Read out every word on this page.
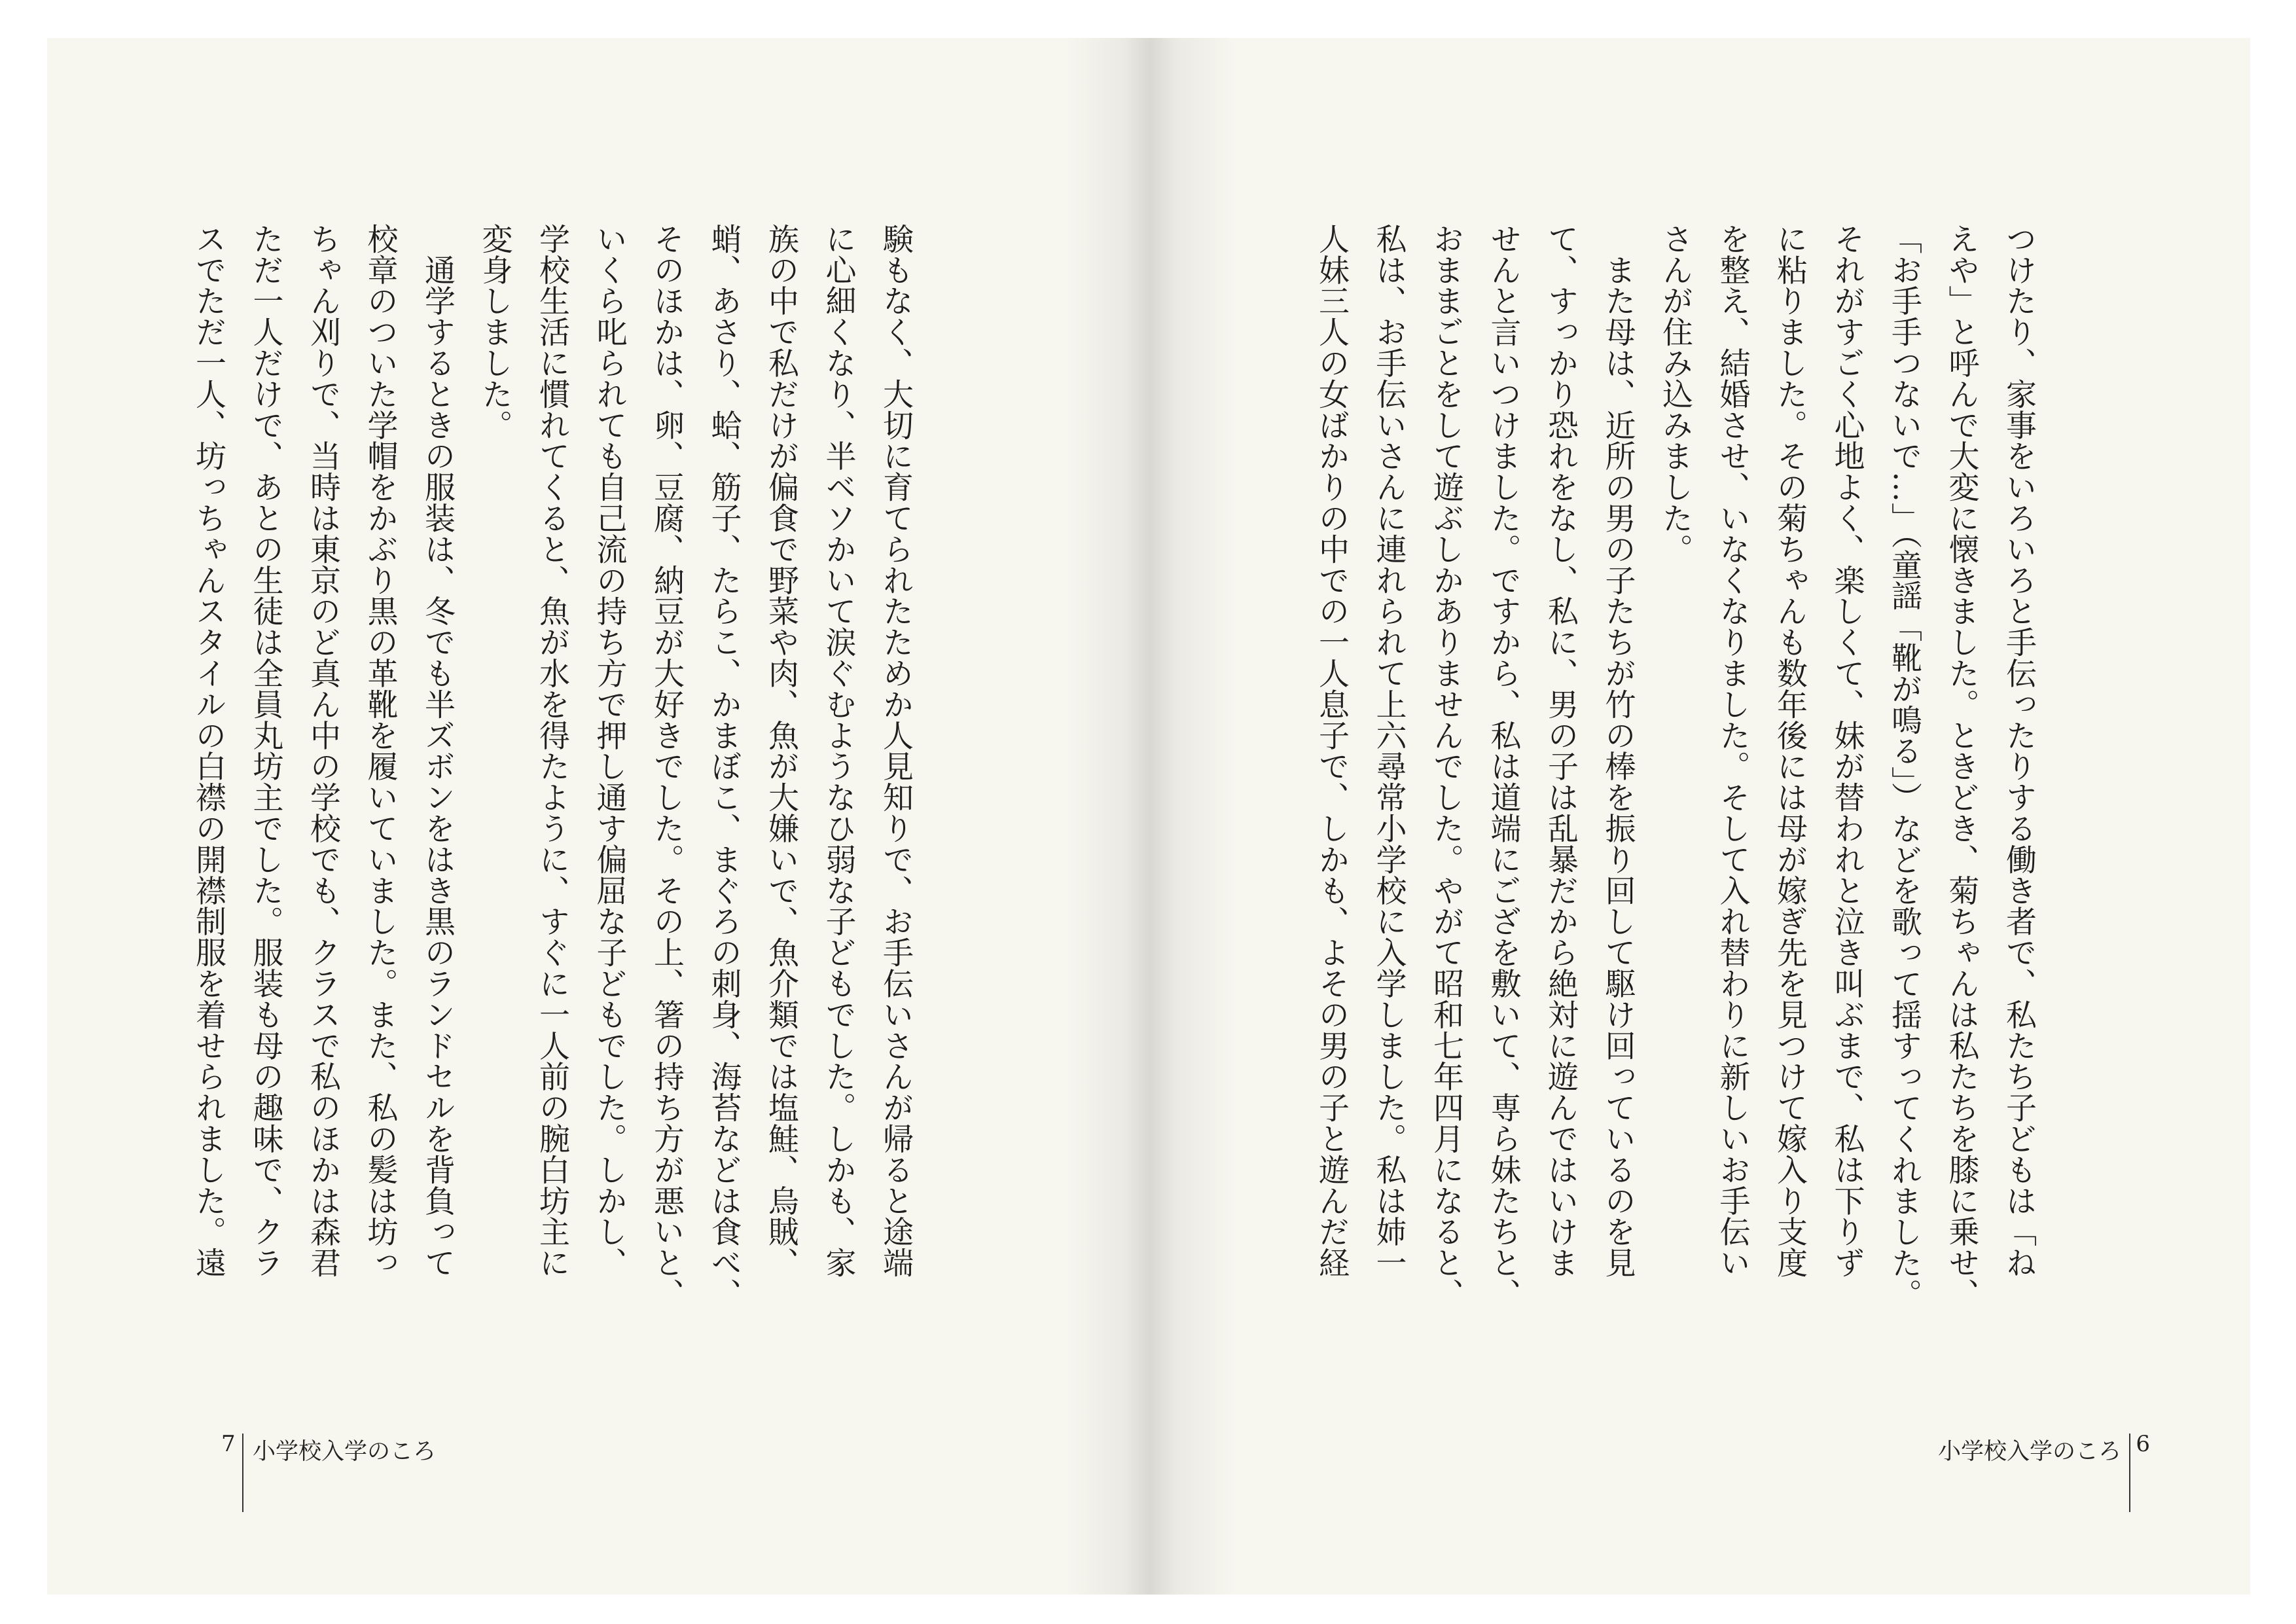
験もなく、大切に育てられたためか人見知りで、お手伝いさんが帰ると途端
に心細くなり、半ベソかいて涙ぐむようなひ弱な子どもでした。しかも、家
族の中で私だけが偏食で野菜や肉、魚が大嫌いで、魚介類では塩鮭、烏賊、
蛸、あさり、蛤、筋子、たらこ、かまぼこ、まぐろの刺身、海苔などは食べ、
そのほかは、卵、豆腐、納豆が大好きでした。その上、箸の持ち方が悪いと、
いくら叱られても自己流の持ち方で押し通す偏屈な子どもでした。しかし、
学校生活に慣れてくると、魚が水を得たように、すぐに一人前の腕白坊主に
変身しました。
　通学するときの服装は、冬でも半ズボンをはき黒のランドセルを背負って
校章のついた学帽をかぶり黒の革靴を履いていました。また、私の髪は坊っ
ちゃん刈りで、当時は東京のど真ん中の学校でも、クラスで私のほかは森君
ただ一人だけで、あとの生徒は全員丸坊主でした。服装も母の趣味で、クラ
スでただ一人、坊っちゃんスタイルの白襟の開襟制服を着せられました。遠
7 小学校入学のころ
つけたり、家事をいろいろと手伝ったりする働き者で、私たち子どもは「ね
えや」と呼んで大変に懐きました。ときどき、菊ちゃんは私たちを膝に乗せ、
「お手手つないで…」（童謡「靴が鳴る」）などを歌って揺すってくれました。
それがすごく心地よく、楽しくて、妹が替われと泣き叫ぶまで、私は下りず
に粘りました。その菊ちゃんも数年後には母が嫁ぎ先を見つけて嫁入り支度
を整え、結婚させ、いなくなりました。そして入れ替わりに新しいお手伝い
さんが住み込みました。
　また母は、近所の男の子たちが竹の棒を振り回して駆け回っているのを見
て、すっかり恐れをなし、私に、男の子は乱暴だから絶対に遊んではいけま
せんと言いつけました。ですから、私は道端にござを敷いて、専ら妹たちと、
おままごとをして遊ぶしかありませんでした。やがて昭和七年四月になると、
私は、お手伝いさんに連れられて上六尋常小学校に入学しました。私は姉一
人妹三人の女ばかりの中での一人息子で、しかも、よその男の子と遊んだ経
小学校入学のころ 6
